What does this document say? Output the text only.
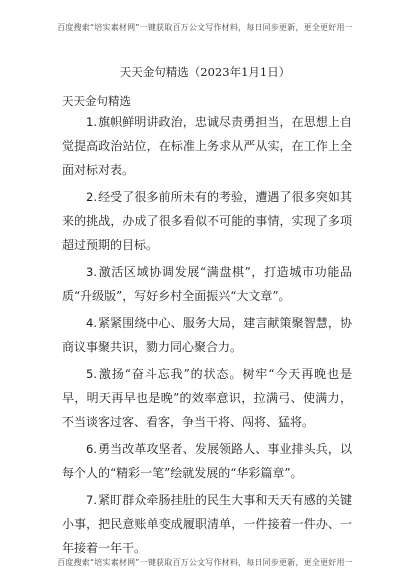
百度搜索“培实素材网”一键获取百万公文写作材料，每日同步更新，更全更好用一
天天金句精选（2023年1月1日）
天天金句精选

1.旗帜鲜明讲政治，忠诚尽责勇担当，在思想上自觉提高政治站位，在标准上务求从严从实，在工作上全面对标对表。

2.经受了很多前所未有的考验，遭遇了很多突如其来的挑战，办成了很多看似不可能的事情，实现了多项超过预期的目标。

3.激活区域协调发展“满盘棋”，打造城市功能品质“升级版”，写好乡村全面振兴“大文章”。

4.紧紧围绕中心、服务大局，建言献策聚智慧，协商议事聚共识，勠力同心聚合力。

5.激扬“奋斗忘我”的状态。树牢“今天再晚也是早，明天再早也是晚”的效率意识，拉满弓、使满力，不当谈客过客、看客，争当干将、闯将、猛将。

6.勇当改革攻坚者、发展领路人、事业排头兵，以每个人的“精彩一笔”绘就发展的“华彩篇章”。

7.紧盯群众牵肠挂肚的民生大事和天天有感的关键小事，把民意账单变成履职清单，一件接着一件办、一年接着一年干。

百度搜索“培实素材网”一键获取百万公文写作材料，每日同步更新，更全更好用一
